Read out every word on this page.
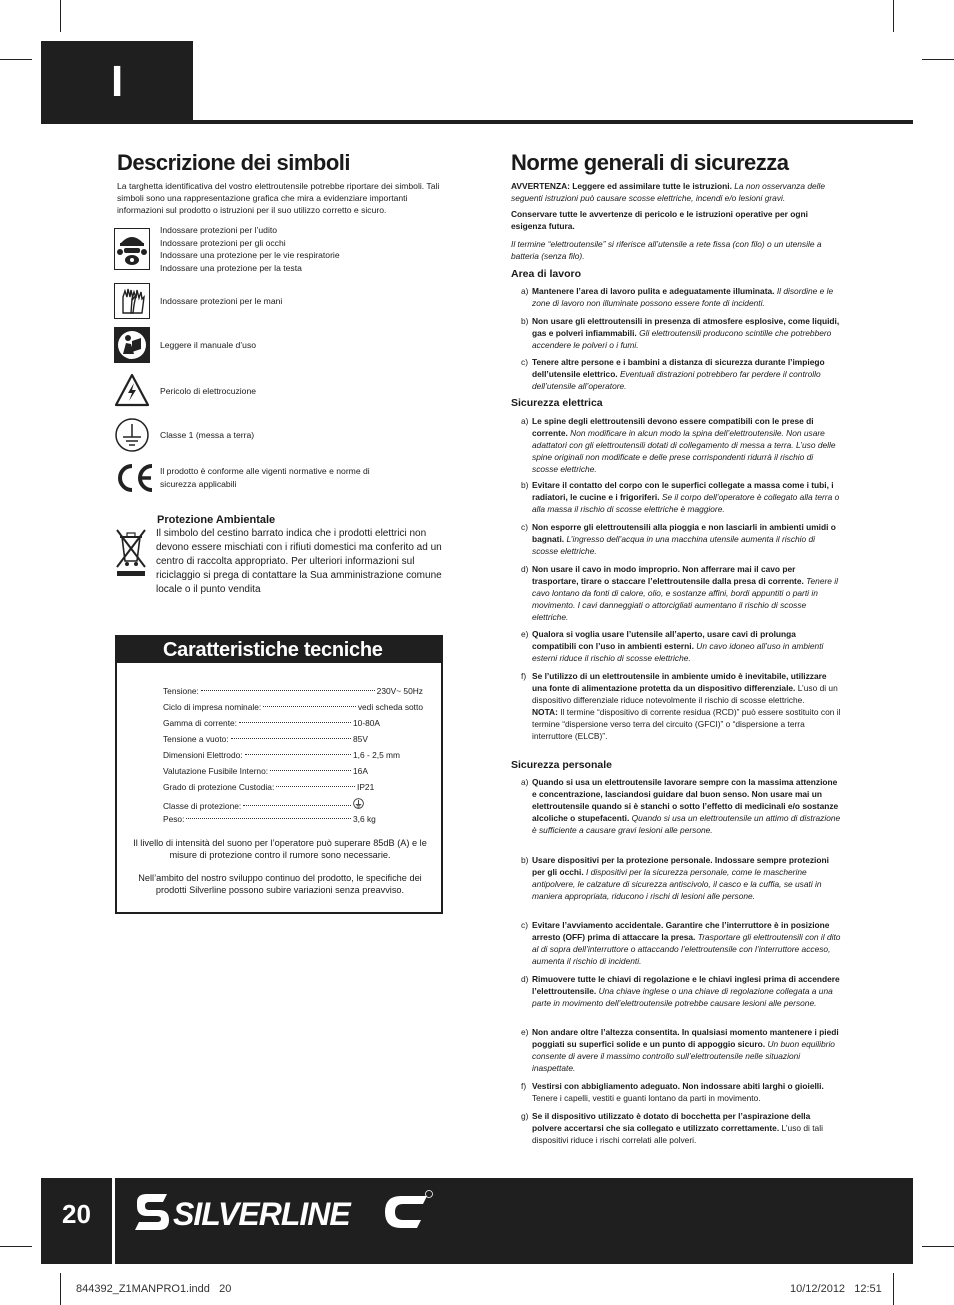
I
Descrizione dei simboli

La targhetta identificativa del vostro elettroutensile potrebbe riportare dei simboli. Tali simboli sono una rappresentazione grafica che mira a evidenziare importanti informazioni sul prodotto o istruzioni per il suo utilizzo corretto e sicuro.

Indossare protezioni per l’udito
Indossare protezioni per gli occhi
Indossare una protezione per le vie respiratorie
Indossare una protezione per la testa
Indossare protezioni per le mani
Leggere il manuale d’uso
Pericolo di elettrocuzione
Classe 1 (messa a terra)
Il prodotto è conforme alle vigenti normative e norme di sicurezza applicabili

Protezione Ambientale

Il simbolo del cestino barrato indica che i prodotti elettrici non devono essere mischiati con i rifiuti domestici ma conferito ad un centro di raccolta appropriato. Per ulteriori informazioni sul riciclaggio si prega di contattare la Sua amministrazione comune locale o il punto vendita

Caratteristiche tecniche
Tensione:	230V~ 50Hz
Ciclo di impresa nominale:	vedi scheda sotto
Gamma di corrente:	10-80A
Tensione a vuoto:	85V
Dimensioni Elettrodo:	1,6 - 2,5 mm
Valutazione Fusibile Interno:	16A
Grado di protezione Custodia:	IP21
Classe di protezione:
Peso:	3,6 kg

Il livello di intensità del suono per l’operatore può superare 85dB (A) e le misure di protezione contro il rumore sono necessarie.

Nell’ambito del nostro sviluppo continuo del prodotto, le specifiche dei prodotti Silverline possono subire variazioni senza preavviso.

Norme generali di sicurezza

AVVERTENZA: Leggere ed assimilare tutte le istruzioni. La non osservanza delle seguenti istruzioni può causare scosse elettriche, incendi e/o lesioni gravi.

Conservare tutte le avvertenze di pericolo e le istruzioni operative per ogni esigenza futura.

Il termine “elettroutensile” si riferisce all’utensile a rete fissa (con filo) o un utensile a batteria (senza filo).

Area di lavoro

a) Mantenere l’area di lavoro pulita e adeguatamente illuminata. Il disordine e le zone di lavoro non illuminate possono essere fonte di incidenti.
b) Non usare gli elettroutensili in presenza di atmosfere esplosive, come liquidi, gas e polveri infiammabili. Gli elettroutensili producono scintille che potrebbero accendere le polveri o i fumi.
c) Tenere altre persone e i bambini a distanza di sicurezza durante l’impiego dell’utensile elettrico. Eventuali distrazioni potrebbero far perdere il controllo dell’utensile all’operatore.

Sicurezza elettrica

a) Le spine degli elettroutensili devono essere compatibili con le prese di corrente. Non modificare in alcun modo la spina dell’elettroutensile. Non usare adattatori con gli elettroutensili dotati di collegamento di messa a terra. L’uso delle spine originali non modificate e delle prese corrispondenti ridurrà il rischio di scosse elettriche.
b) Evitare il contatto del corpo con le superfici collegate a massa come i tubi, i radiatori, le cucine e i frigoriferi. Se il corpo dell’operatore è collegato alla terra o alla massa il rischio di scosse elettriche è maggiore.
c) Non esporre gli elettroutensili alla pioggia e non lasciarli in ambienti umidi o bagnati. L’ingresso dell’acqua in una macchina utensile aumenta il rischio di scosse elettriche.
d) Non usare il cavo in modo improprio. Non afferrare mai il cavo per trasportare, tirare o staccare l’elettroutensile dalla presa di corrente. Tenere il cavo lontano da fonti di calore, olio, e sostanze affini, bordi appuntiti o parti in movimento. I cavi danneggiati o attorcigliati aumentano il rischio di scosse elettriche.
e) Qualora si voglia usare l’utensile all’aperto, usare cavi di prolunga compatibili con l’uso in ambienti esterni. Un cavo idoneo all’uso in ambienti esterni riduce il rischio di scosse elettriche.
f) Se l’utilizzo di un elettroutensile in ambiente umido è inevitabile, utilizzare una fonte di alimentazione protetta da un dispositivo differenziale. L’uso di un dispositivo differenziale riduce notevolmente il rischio di scosse elettriche.
NOTA: Il termine “dispositivo di corrente residua (RCD)” può essere sostituito con il termine “dispersione verso terra del circuito (GFCI)” o “dispersione a terra interruttore (ELCB)”.

Sicurezza personale

a) Quando si usa un elettroutensile lavorare sempre con la massima attenzione e concentrazione, lasciandosi guidare dal buon senso. Non usare mai un elettroutensile quando si è stanchi o sotto l’effetto di medicinali e/o sostanze alcoliche o stupefacenti. Quando si usa un elettroutensile un attimo di distrazione è sufficiente a causare gravi lesioni alle persone.
b) Usare dispositivi per la protezione personale. Indossare sempre protezioni per gli occhi. I dispositivi per la sicurezza personale, come le mascherine antipolvere, le calzature di sicurezza antiscivolo, il casco e la cuffia, se usati in maniera appropriata, riducono i rischi di lesioni alle persone.
c) Evitare l’avviamento accidentale. Garantire che l’interruttore è in posizione arresto (OFF) prima di attaccare la presa. Trasportare gli elettroutensili con il dito al di sopra dell’interruttore o attaccando l’elettroutensile con l’interruttore acceso, aumenta il rischio di incidenti.
d) Rimuovere tutte le chiavi di regolazione e le chiavi inglesi prima di accendere l’elettroutensile. Una chiave inglese o una chiave di regolazione collegata a una parte in movimento dell’elettroutensile potrebbe causare lesioni alle persone.
e) Non andare oltre l’altezza consentita. In qualsiasi momento mantenere i piedi poggiati su superfici solide e un punto di appoggio sicuro. Un buon equilibrio consente di avere il massimo controllo sull’elettroutensile nelle situazioni inaspettate.
f) Vestirsi con abbigliamento adeguato. Non indossare abiti larghi o gioielli. Tenere i capelli, vestiti e guanti lontano da parti in movimento.
g) Se il dispositivo utilizzato è dotato di bocchetta per l’aspirazione della polvere accertarsi che sia collegato e utilizzato correttamente. L’uso di tali dispositivi riduce i rischi correlati alle polveri.
20	SILVERLINE
844392_Z1MANPRO1.indd   20	10/12/2012   12:51
